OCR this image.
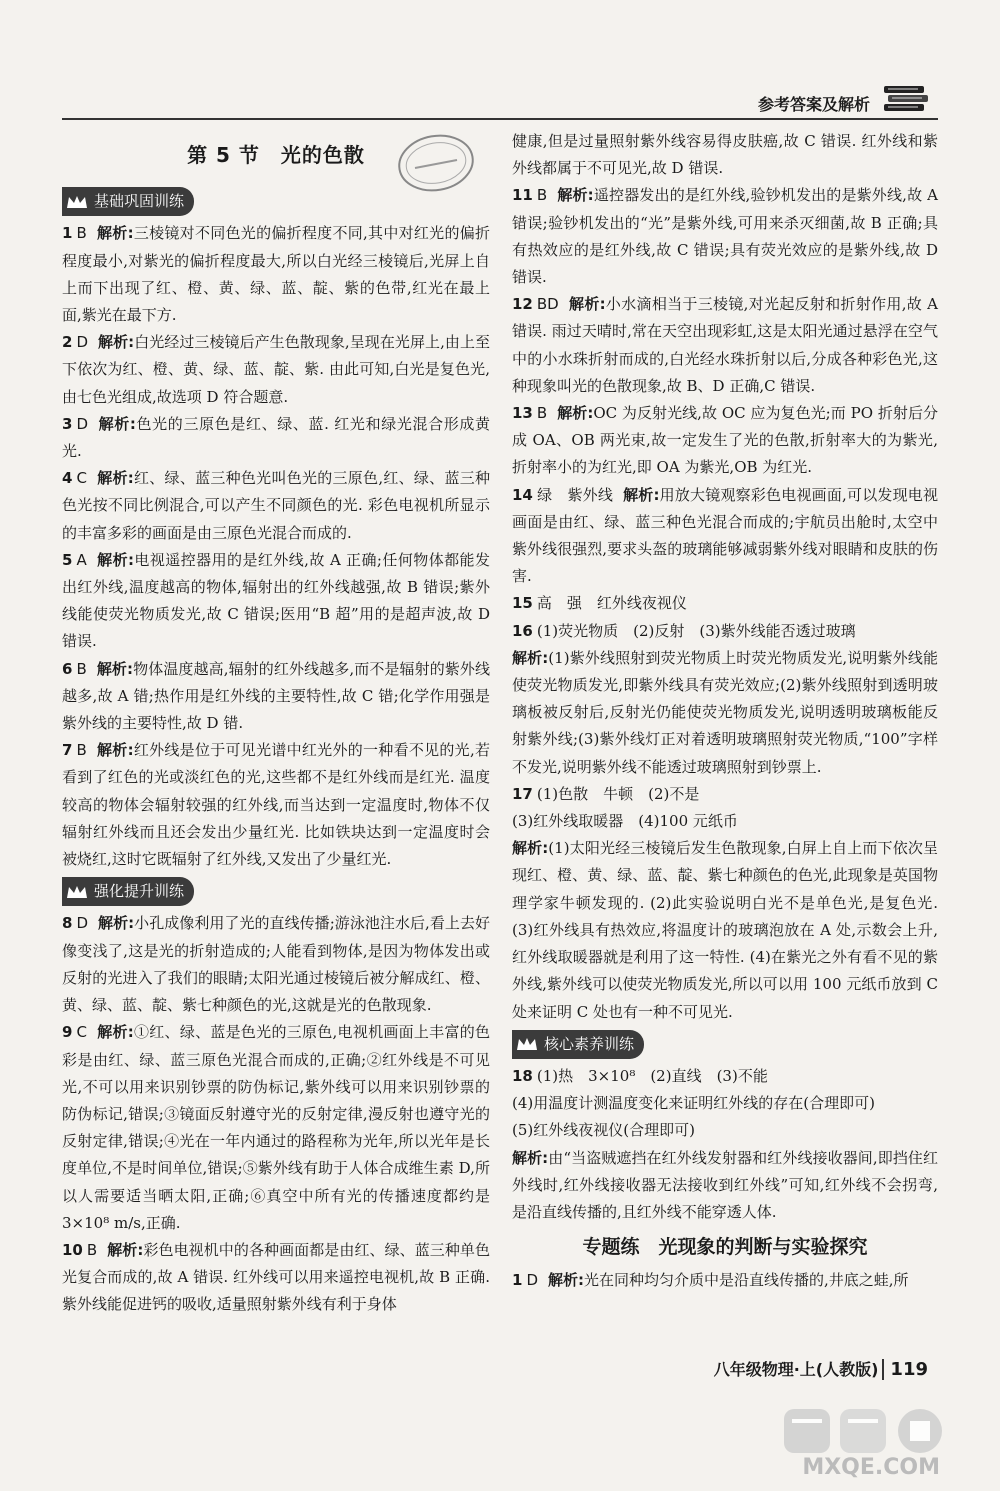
参考答案及解析
第 5 节　光的色散
基础巩固训练

1 B 解析:三棱镜对不同色光的偏折程度不同,其中对红光的偏折程度最小,对紫光的偏折程度最大,所以白光经三棱镜后,光屏上自上而下出现了红、橙、黄、绿、蓝、靛、紫的色带,红光在最上面,紫光在最下方.

2 D 解析:白光经过三棱镜后产生色散现象,呈现在光屏上,由上至下依次为红、橙、黄、绿、蓝、靛、紫. 由此可知,白光是复色光,由七色光组成,故选项 D 符合题意.

3 D 解析:色光的三原色是红、绿、蓝. 红光和绿光混合形成黄光.

4 C 解析:红、绿、蓝三种色光叫色光的三原色,红、绿、蓝三种色光按不同比例混合,可以产生不同颜色的光. 彩色电视机所显示的丰富多彩的画面是由三原色光混合而成的.

5 A 解析:电视遥控器用的是红外线,故 A 正确;任何物体都能发出红外线,温度越高的物体,辐射出的红外线越强,故 B 错误;紫外线能使荧光物质发光,故 C 错误;医用“B 超”用的是超声波,故 D 错误.

6 B 解析:物体温度越高,辐射的红外线越多,而不是辐射的紫外线越多,故 A 错;热作用是红外线的主要特性,故 C 错;化学作用强是紫外线的主要特性,故 D 错.

7 B 解析:红外线是位于可见光谱中红光外的一种看不见的光,若看到了红色的光或淡红色的光,这些都不是红外线而是红光. 温度较高的物体会辐射较强的红外线,而当达到一定温度时,物体不仅辐射红外线而且还会发出少量红光. 比如铁块达到一定温度时会被烧红,这时它既辐射了红外线,又发出了少量红光.

强化提升训练

8 D 解析:小孔成像利用了光的直线传播;游泳池注水后,看上去好像变浅了,这是光的折射造成的;人能看到物体,是因为物体发出或反射的光进入了我们的眼睛;太阳光通过棱镜后被分解成红、橙、黄、绿、蓝、靛、紫七种颜色的光,这就是光的色散现象.

9 C 解析:①红、绿、蓝是色光的三原色,电视机画面上丰富的色彩是由红、绿、蓝三原色光混合而成的,正确;②红外线是不可见光,不可以用来识别钞票的防伪标记,紫外线可以用来识别钞票的防伪标记,错误;③镜面反射遵守光的反射定律,漫反射也遵守光的反射定律,错误;④光在一年内通过的路程称为光年,所以光年是长度单位,不是时间单位,错误;⑤紫外线有助于人体合成维生素 D,所以人需要适当晒太阳,正确;⑥真空中所有光的传播速度都约是 3×10⁸ m/s,正确.

10 B 解析:彩色电视机中的各种画面都是由红、绿、蓝三种单色光复合而成的,故 A 错误. 红外线可以用来遥控电视机,故 B 正确. 紫外线能促进钙的吸收,适量照射紫外线有利于身体

健康,但是过量照射紫外线容易得皮肤癌,故 C 错误. 红外线和紫外线都属于不可见光,故 D 错误.

11 B 解析:遥控器发出的是红外线,验钞机发出的是紫外线,故 A 错误;验钞机发出的“光”是紫外线,可用来杀灭细菌,故 B 正确;具有热效应的是红外线,故 C 错误;具有荧光效应的是紫外线,故 D 错误.

12 BD 解析:小水滴相当于三棱镜,对光起反射和折射作用,故 A 错误. 雨过天晴时,常在天空出现彩虹,这是太阳光通过悬浮在空气中的小水珠折射而成的,白光经水珠折射以后,分成各种彩色光,这种现象叫光的色散现象,故 B、D 正确,C 错误.

13 B 解析:OC 为反射光线,故 OC 应为复色光;而 PO 折射后分成 OA、OB 两光束,故一定发生了光的色散,折射率大的为紫光,折射率小的为红光,即 OA 为紫光,OB 为红光.

14 绿　紫外线 解析:用放大镜观察彩色电视画面,可以发现电视画面是由红、绿、蓝三种色光混合而成的;宇航员出舱时,太空中紫外线很强烈,要求头盔的玻璃能够减弱紫外线对眼睛和皮肤的伤害.

15 高　强　红外线夜视仪

16 (1)荧光物质　(2)反射　(3)紫外线能否透过玻璃

解析:(1)紫外线照射到荧光物质上时荧光物质发光,说明紫外线能使荧光物质发光,即紫外线具有荧光效应;(2)紫外线照射到透明玻璃板被反射后,反射光仍能使荧光物质发光,说明透明玻璃板能反射紫外线;(3)紫外线灯正对着透明玻璃照射荧光物质,“100”字样不发光,说明紫外线不能透过玻璃照射到钞票上.

17 (1)色散　牛顿　(2)不是

(3)红外线取暖器　(4)100 元纸币

解析:(1)太阳光经三棱镜后发生色散现象,白屏上自上而下依次呈现红、橙、黄、绿、蓝、靛、紫七种颜色的色光,此现象是英国物理学家牛顿发现的. (2)此实验说明白光不是单色光,是复色光. (3)红外线具有热效应,将温度计的玻璃泡放在 A 处,示数会上升,红外线取暖器就是利用了这一特性. (4)在紫光之外有看不见的紫外线,紫外线可以使荧光物质发光,所以可以用 100 元纸币放到 C 处来证明 C 处也有一种不可见光.

核心素养训练

18 (1)热　3×10⁸　(2)直线　(3)不能

(4)用温度计测温度变化来证明红外线的存在(合理即可)

(5)红外线夜视仪(合理即可)

解析:由“当盗贼遮挡在红外线发射器和红外线接收器间,即挡住红外线时,红外线接收器无法接收到红外线”可知,红外线不会拐弯,是沿直线传播的,且红外线不能穿透人体.

专题练　光现象的判断与实验探究

1 D 解析:光在同种均匀介质中是沿直线传播的,井底之蛙,所

八年级物理·上(人教版) 119
MXQE.COM
